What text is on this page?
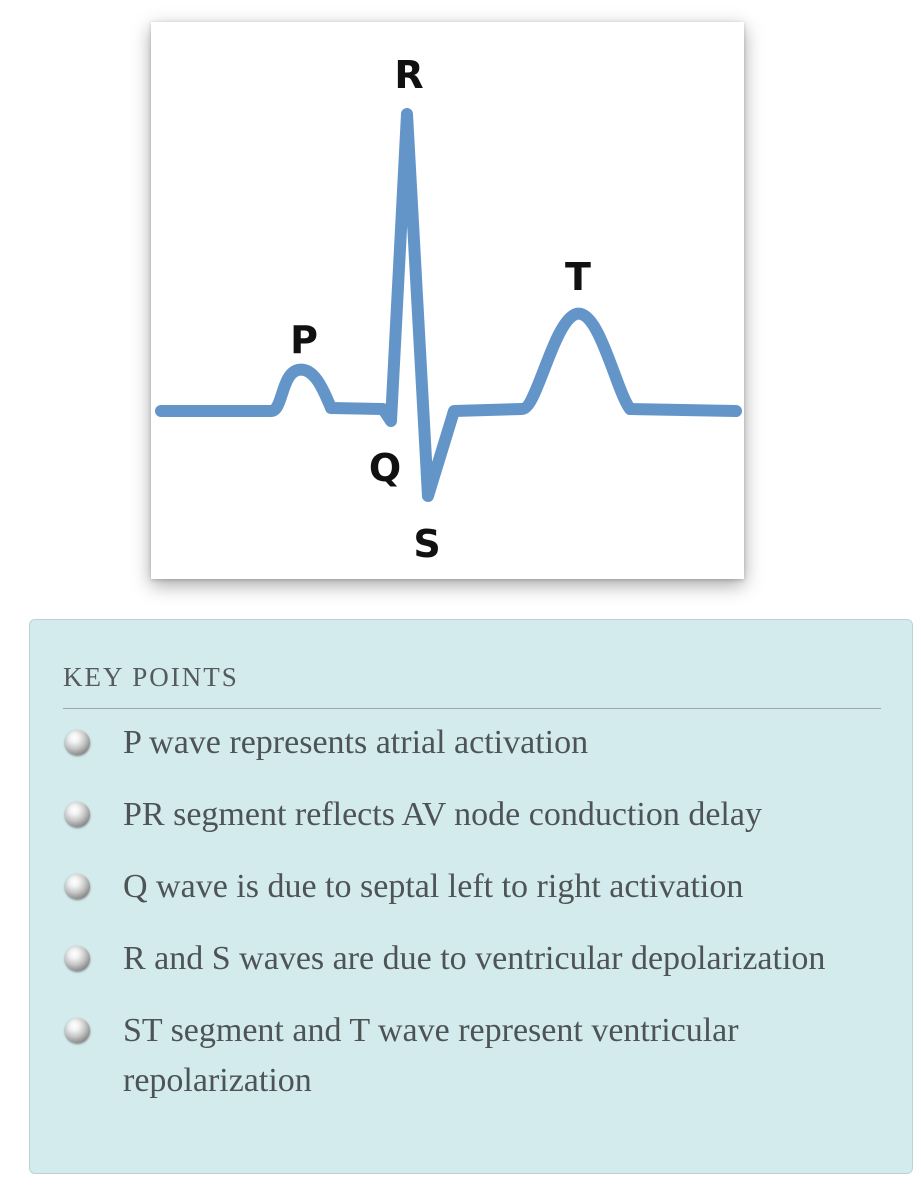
P
R
T
Q
S
KEY POINTS
P wave represents atrial activation
PR segment reflects AV node conduction delay
Q wave is due to septal left to right activation
R and S waves are due to ventricular depolarization
ST segment and T wave represent ventricular repolarization
